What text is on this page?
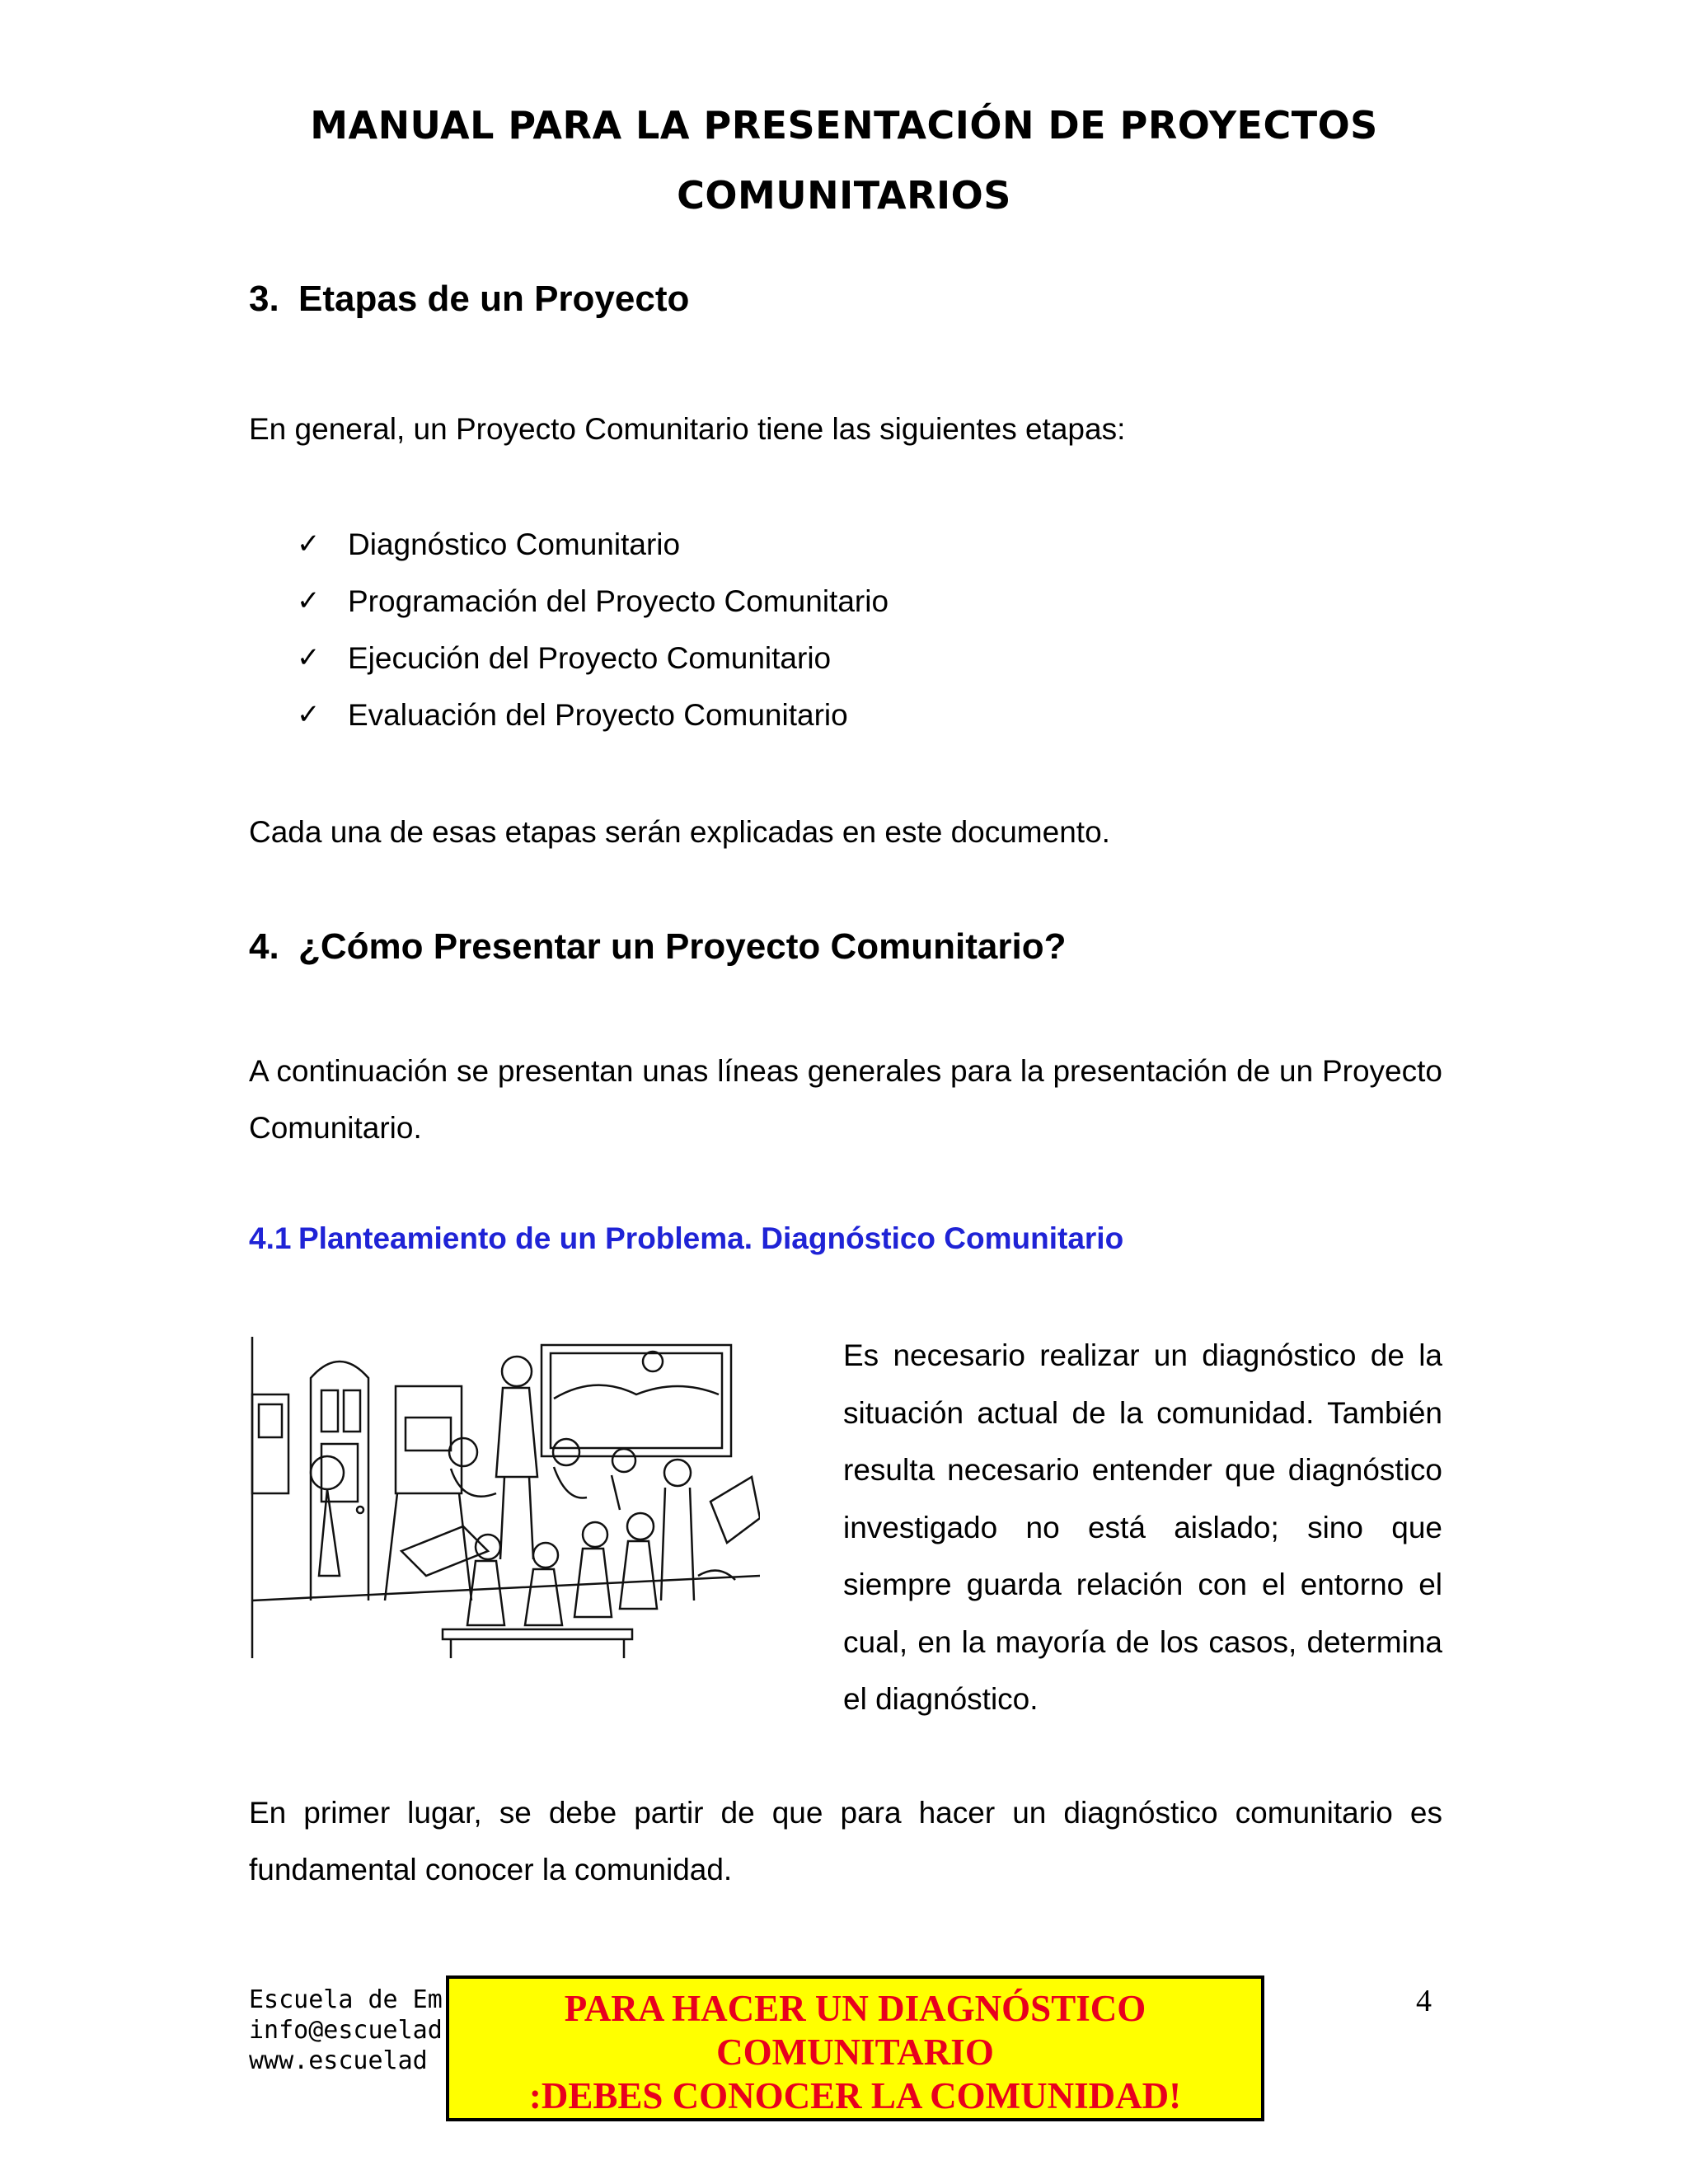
MANUAL PARA LA PRESENTACIÓN DE PROYECTOS
COMUNITARIOS
3. Etapas de un Proyecto
En general, un Proyecto Comunitario tiene las siguientes etapas:
✓ Diagnóstico Comunitario
✓ Programación del Proyecto Comunitario
✓ Ejecución del Proyecto Comunitario
✓ Evaluación del Proyecto Comunitario
Cada una de esas etapas serán explicadas en este documento.
4. ¿Cómo Presentar un Proyecto Comunitario?
A continuación se presentan unas líneas generales para la presentación de un Proyecto Comunitario.
4.1 Planteamiento de un Problema. Diagnóstico Comunitario
Es necesario realizar un diagnóstico de la situación actual de la comunidad. También resulta necesario entender que diagnóstico investigado no está aislado; sino que siempre guarda relación con el entorno el cual, en la mayoría de los casos, determina el diagnóstico.
En primer lugar, se debe partir de que para hacer un diagnóstico comunitario es fundamental conocer la comunidad.
Escuela de Em
info@escuelad
www.escuelad
4
PARA HACER UN DIAGNÓSTICO
COMUNITARIO
:DEBES CONOCER LA COMUNIDAD!
